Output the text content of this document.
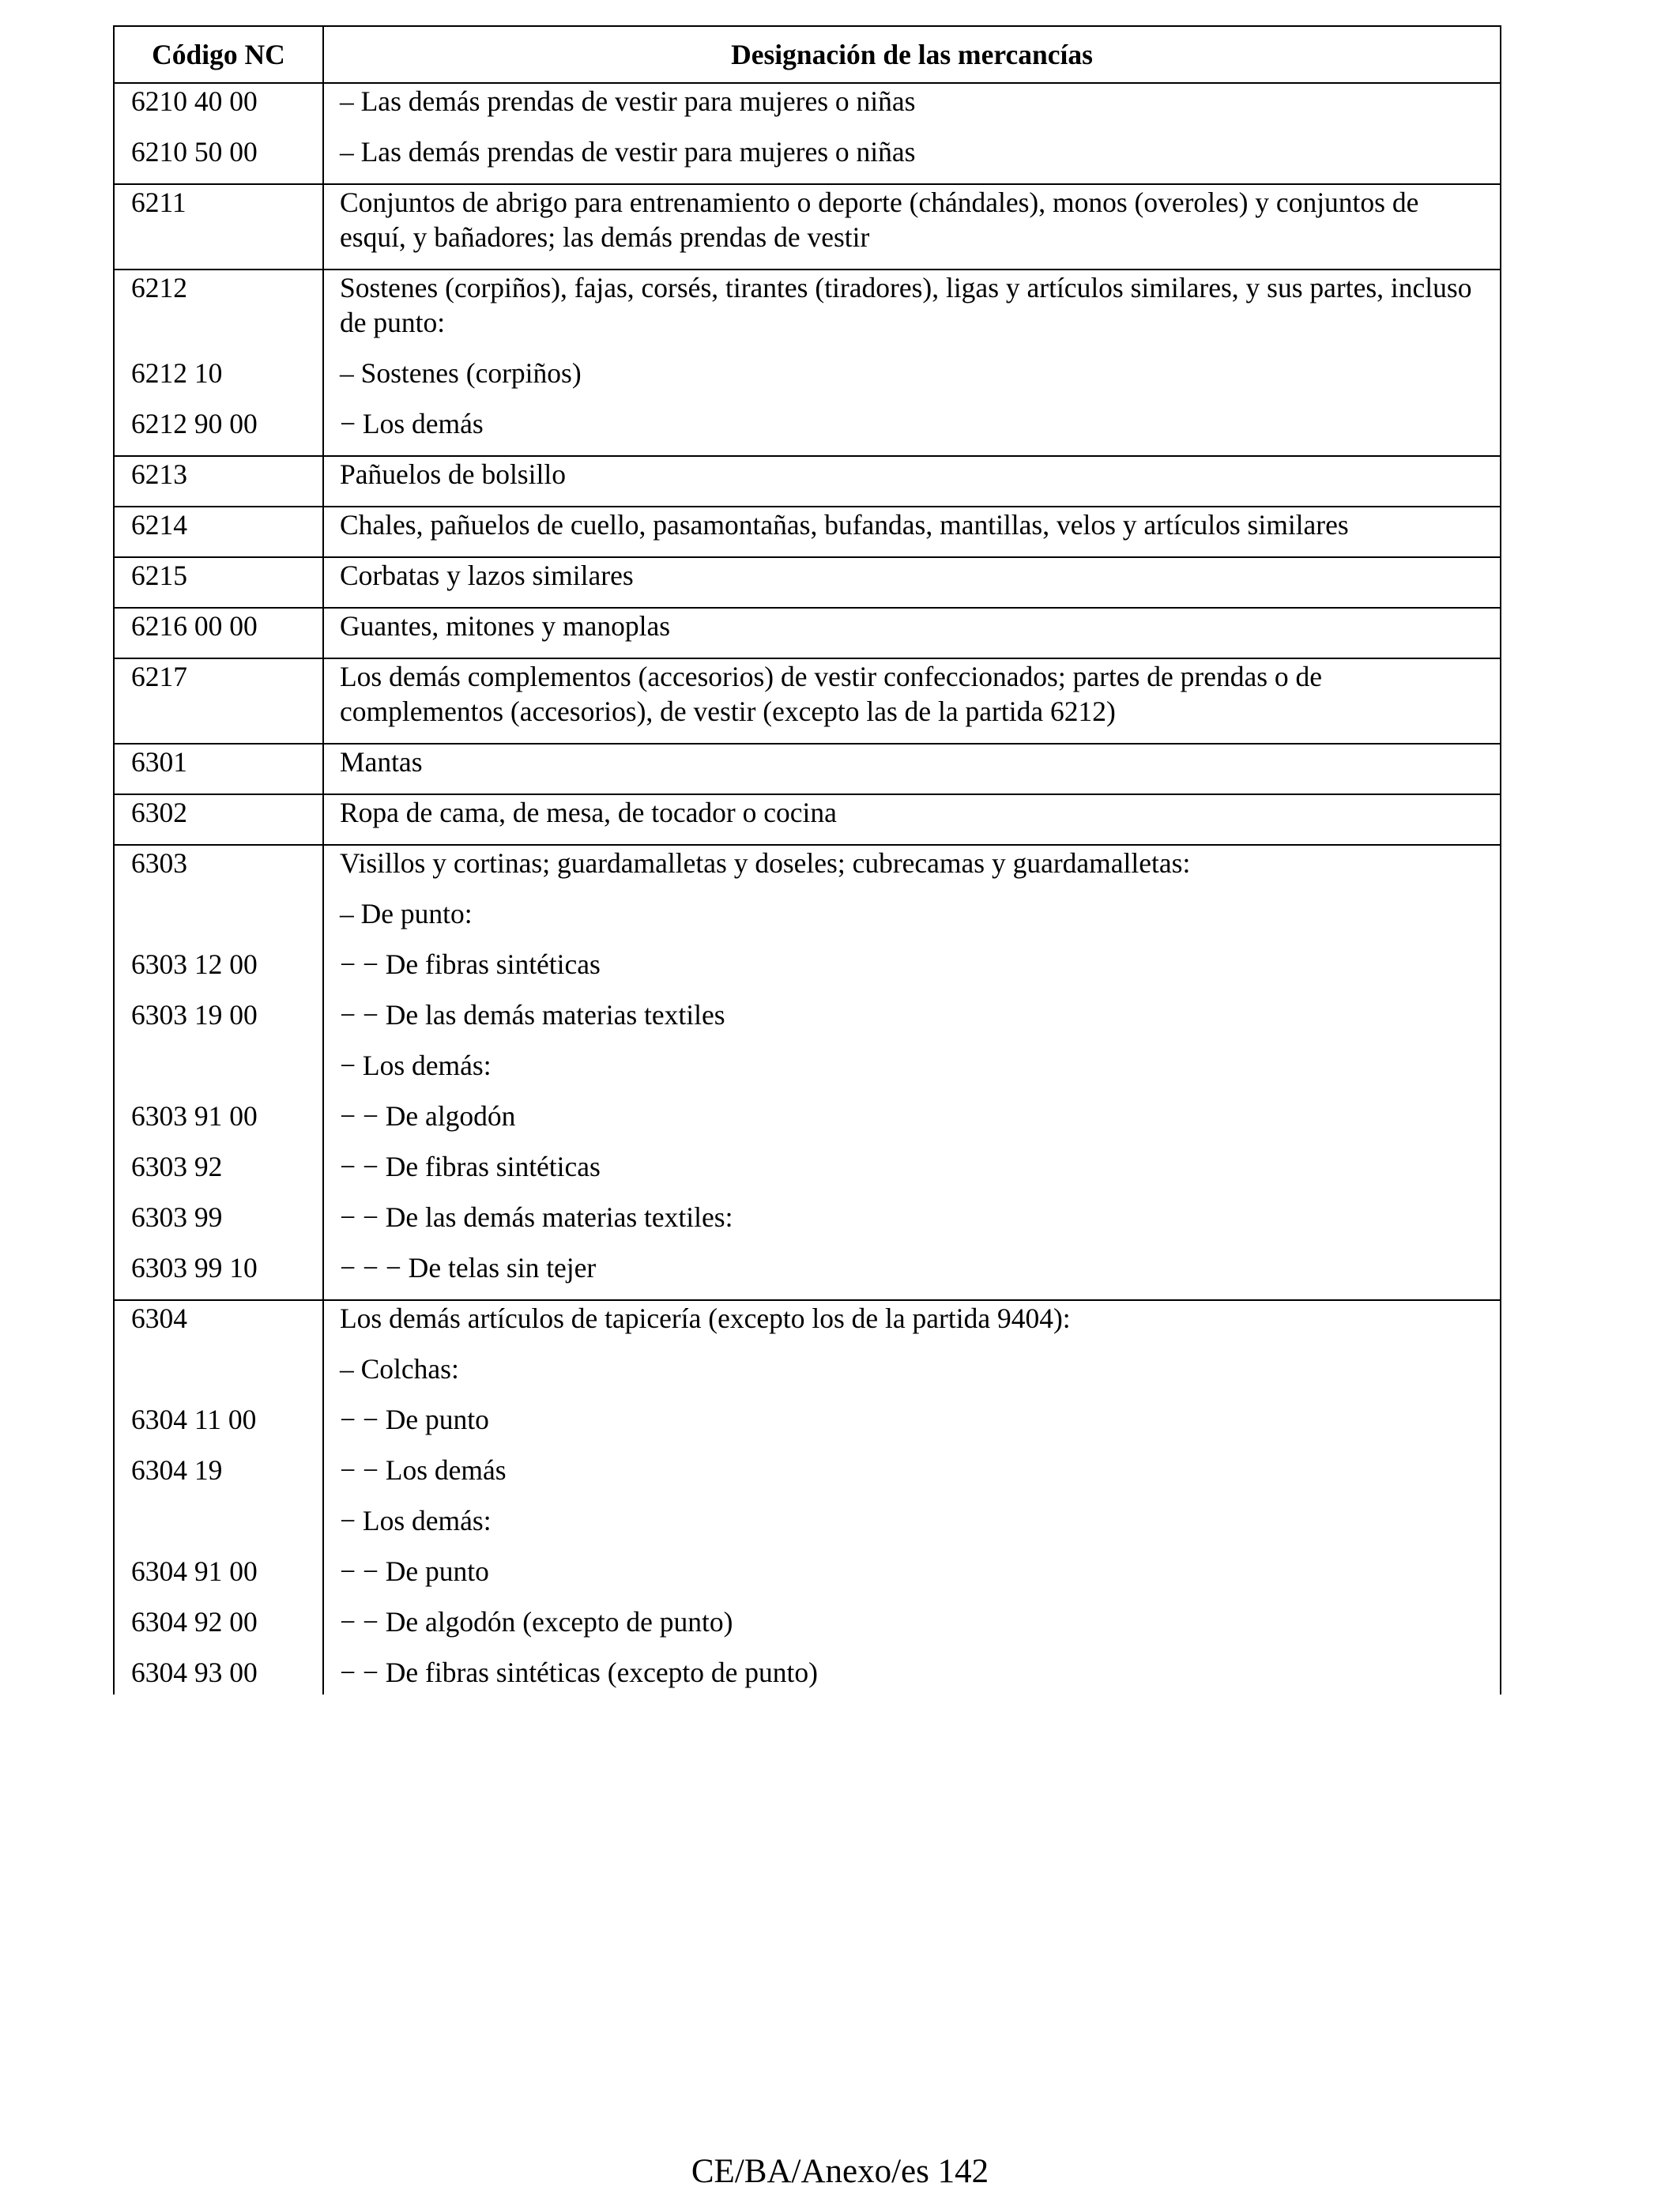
Código NC	Designación de las mercancías
6210 40 00	– Las demás prendas de vestir para mujeres o niñas
6210 50 00	– Las demás prendas de vestir para mujeres o niñas
6211	Conjuntos de abrigo para entrenamiento o deporte (chándales), monos (overoles) y conjuntos de esquí, y bañadores; las demás prendas de vestir
6212	Sostenes (corpiños), fajas, corsés, tirantes (tiradores), ligas y artículos similares, y sus partes, incluso de punto:
6212 10	– Sostenes (corpiños)
6212 90 00	− Los demás
6213	Pañuelos de bolsillo
6214	Chales, pañuelos de cuello, pasamontañas, bufandas, mantillas, velos y artículos similares
6215	Corbatas y lazos similares
6216 00 00	Guantes, mitones y manoplas
6217	Los demás complementos (accesorios) de vestir confeccionados; partes de prendas o de complementos (accesorios), de vestir (excepto las de la partida 6212)
6301	Mantas
6302	Ropa de cama, de mesa, de tocador o cocina
6303	Visillos y cortinas; guardamalletas y doseles; cubrecamas y guardamalletas:
	– De punto:
6303 12 00	− − De fibras sintéticas
6303 19 00	− − De las demás materias textiles
	− Los demás:
6303 91 00	− − De algodón
6303 92	− − De fibras sintéticas
6303 99	− − De las demás materias textiles:
6303 99 10	− − − De telas sin tejer
6304	Los demás artículos de tapicería (excepto los de la partida 9404):
	– Colchas:
6304 11 00	− − De punto
6304 19	− − Los demás
	− Los demás:
6304 91 00	− − De punto
6304 92 00	− − De algodón (excepto de punto)
6304 93 00	− − De fibras sintéticas (excepto de punto)
CE/BA/Anexo/es 142
